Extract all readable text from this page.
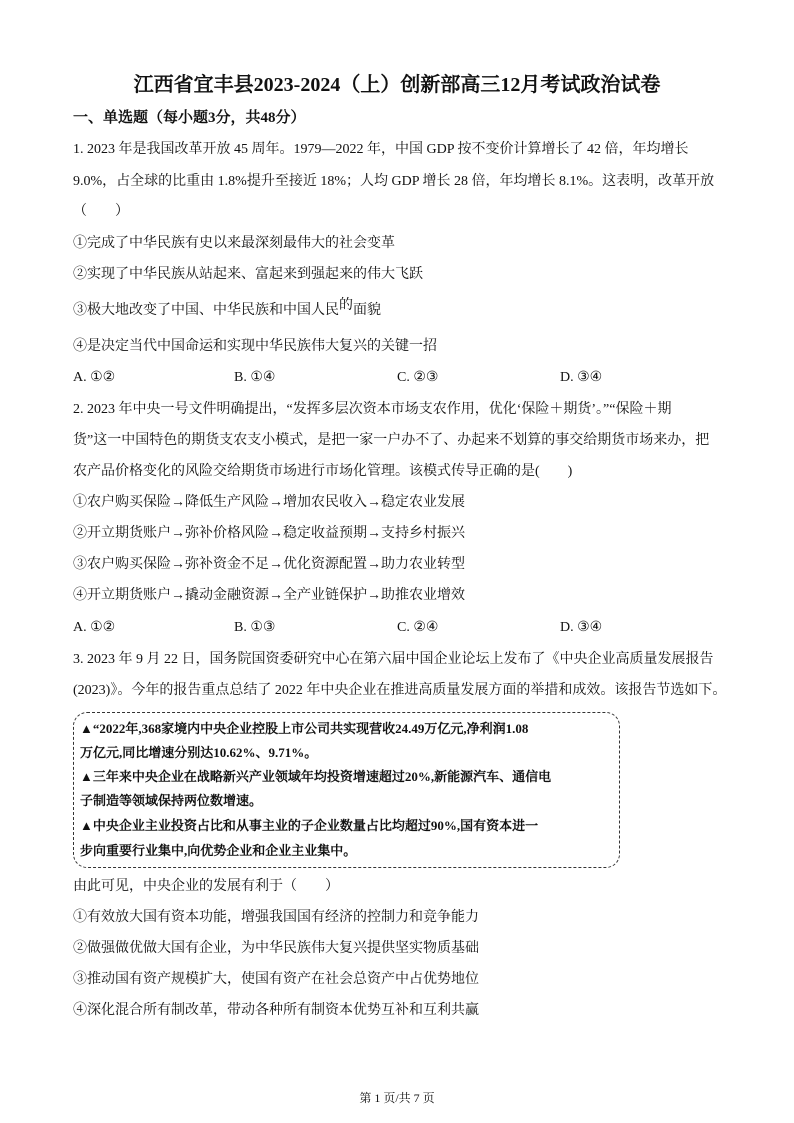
江西省宜丰县2023-2024（上）创新部高三12月考试政治试卷
一、单选题（每小题3分，共48分）
1. 2023 年是我国改革开放 45 周年。1979—2022 年，中国 GDP 按不变价计算增长了 42 倍，年均增长
9.0%，占全球的比重由 1.8%提升至接近 18%；人均 GDP 增长 28 倍，年均增长 8.1%。这表明，改革开放
（　　）
①完成了中华民族有史以来最深刻最伟大的社会变革
②实现了中华民族从站起来、富起来到强起来的伟大飞跃
③极大地改变了中国、中华民族和中国人民的面貌
④是决定当代中国命运和实现中华民族伟大复兴的关键一招
A. ①②	B. ①④	C. ②③	D. ③④
2. 2023 年中央一号文件明确提出，“发挥多层次资本市场支农作用，优化‘保险＋期货’。”“保险＋期
货”这一中国特色的期货支农支小模式，是把一家一户办不了、办起来不划算的事交给期货市场来办，把
农产品价格变化的风险交给期货市场进行市场化管理。该模式传导正确的是(　　)
①农户购买保险→降低生产风险→增加农民收入→稳定农业发展
②开立期货账户→弥补价格风险→稳定收益预期→支持乡村振兴
③农户购买保险→弥补资金不足→优化资源配置→助力农业转型
④开立期货账户→撬动金融资源→全产业链保护→助推农业增效
A. ①②	B. ①③	C. ②④	D. ③④
3. 2023 年 9 月 22 日，国务院国资委研究中心在第六届中国企业论坛上发布了《中央企业高质量发展报告
(2023)》。今年的报告重点总结了 2022 年中央企业在推进高质量发展方面的举措和成效。该报告节选如下。
▲“2022年,368家境内中央企业控股上市公司共实现营收24.49万亿元,净利润1.08
万亿元,同比增速分别达10.62%、9.71%。
▲三年来中央企业在战略新兴产业领域年均投资增速超过20%,新能源汽车、通信电
子制造等领域保持两位数增速。
▲中央企业主业投资占比和从事主业的子企业数量占比均超过90%,国有资本进一
步向重要行业集中,向优势企业和企业主业集中。
由此可见，中央企业的发展有利于（　　）
①有效放大国有资本功能，增强我国国有经济的控制力和竞争能力
②做强做优做大国有企业，为中华民族伟大复兴提供坚实物质基础
③推动国有资产规模扩大，使国有资产在社会总资产中占优势地位
④深化混合所有制改革，带动各种所有制资本优势互补和互利共赢
第 1 页/共 7 页
